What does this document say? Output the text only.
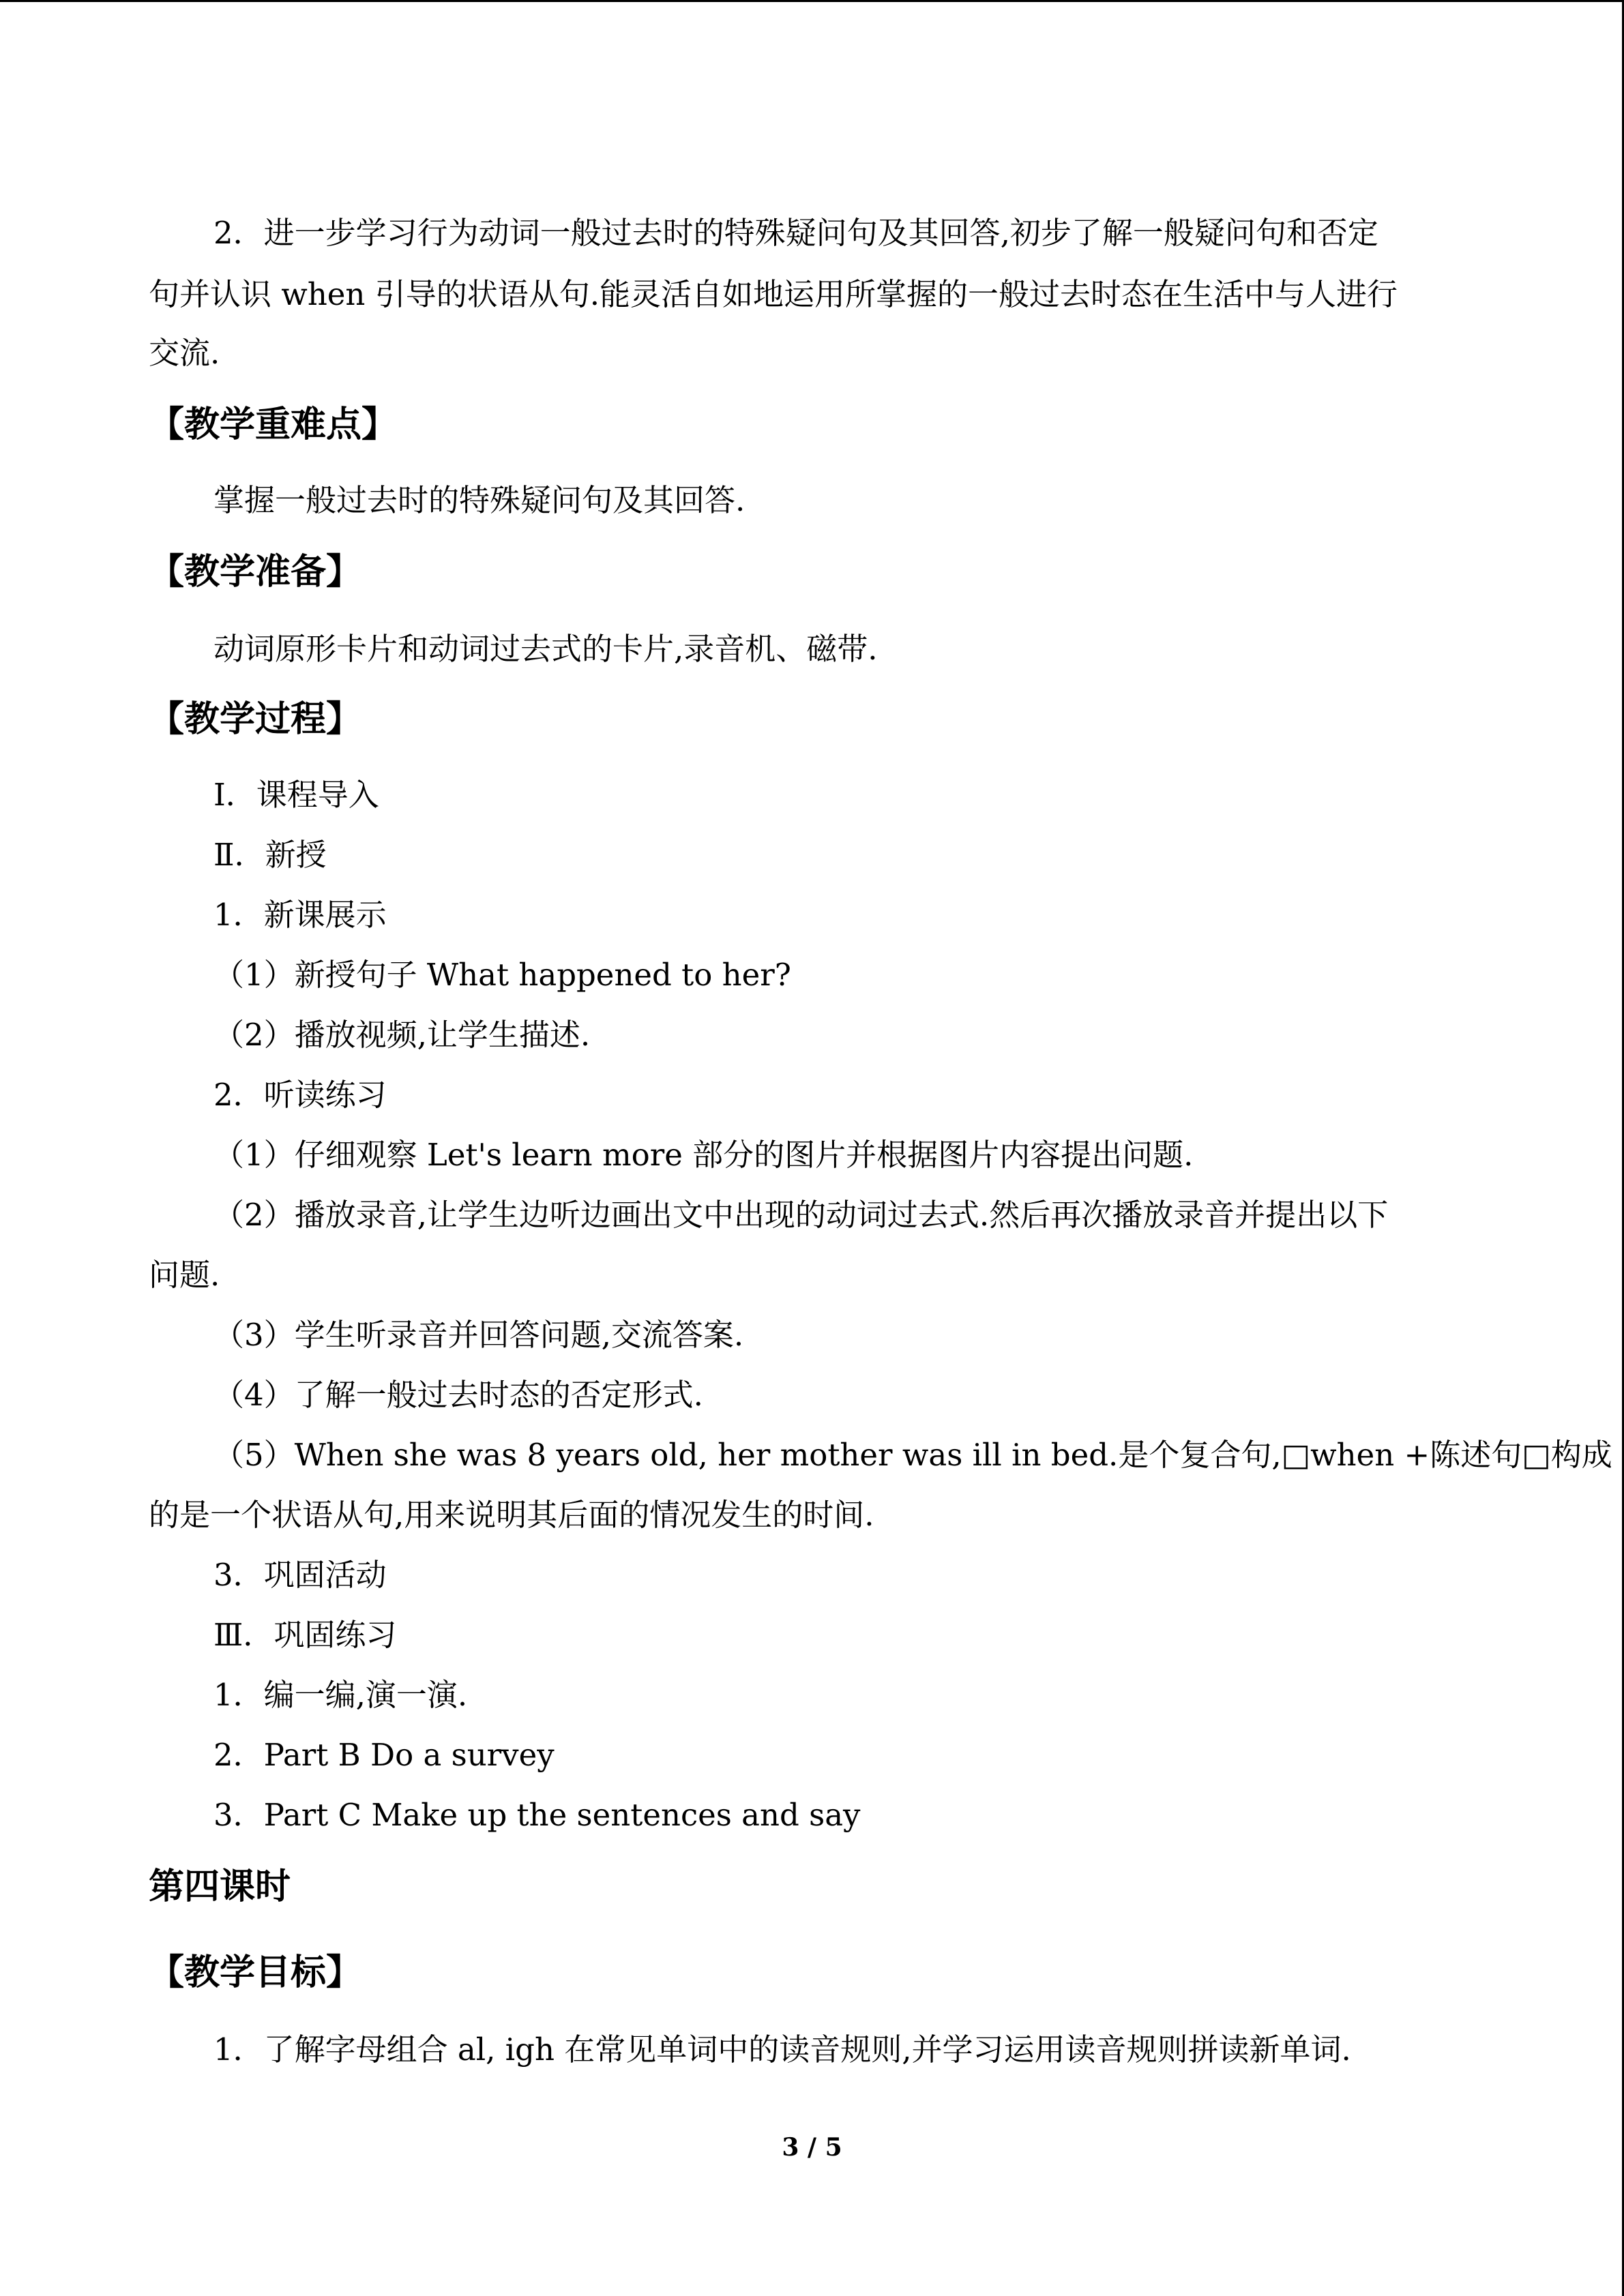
2．进一步学习行为动词一般过去时的特殊疑问句及其回答,初步了解一般疑问句和否定
句并认识 when 引导的状语从句.能灵活自如地运用所掌握的一般过去时态在生活中与人进行
交流.
【教学重难点】
掌握一般过去时的特殊疑问句及其回答.
【教学准备】
动词原形卡片和动词过去式的卡片,录音机、磁带.
【教学过程】
Ⅰ．课程导入
Ⅱ．新授
1．新课展示
（1）新授句子 What happened to her?
（2）播放视频,让学生描述.
2．听读练习
（1）仔细观察 Let's learn more 部分的图片并根据图片内容提出问题.
（2）播放录音,让学生边听边画出文中出现的动词过去式.然后再次播放录音并提出以下
问题.
（3）学生听录音并回答问题,交流答案.
（4）了解一般过去时态的否定形式.
（5）When she was 8 years old, her mother was ill in bed.是个复合句,□when +陈述句□构成
的是一个状语从句,用来说明其后面的情况发生的时间.
3．巩固活动
Ⅲ．巩固练习
1．编一编,演一演.
2．Part B Do a survey
3．Part C Make up the sentences and say
第四课时
【教学目标】
1．了解字母组合 al, igh 在常见单词中的读音规则,并学习运用读音规则拼读新单词.
3 / 5
